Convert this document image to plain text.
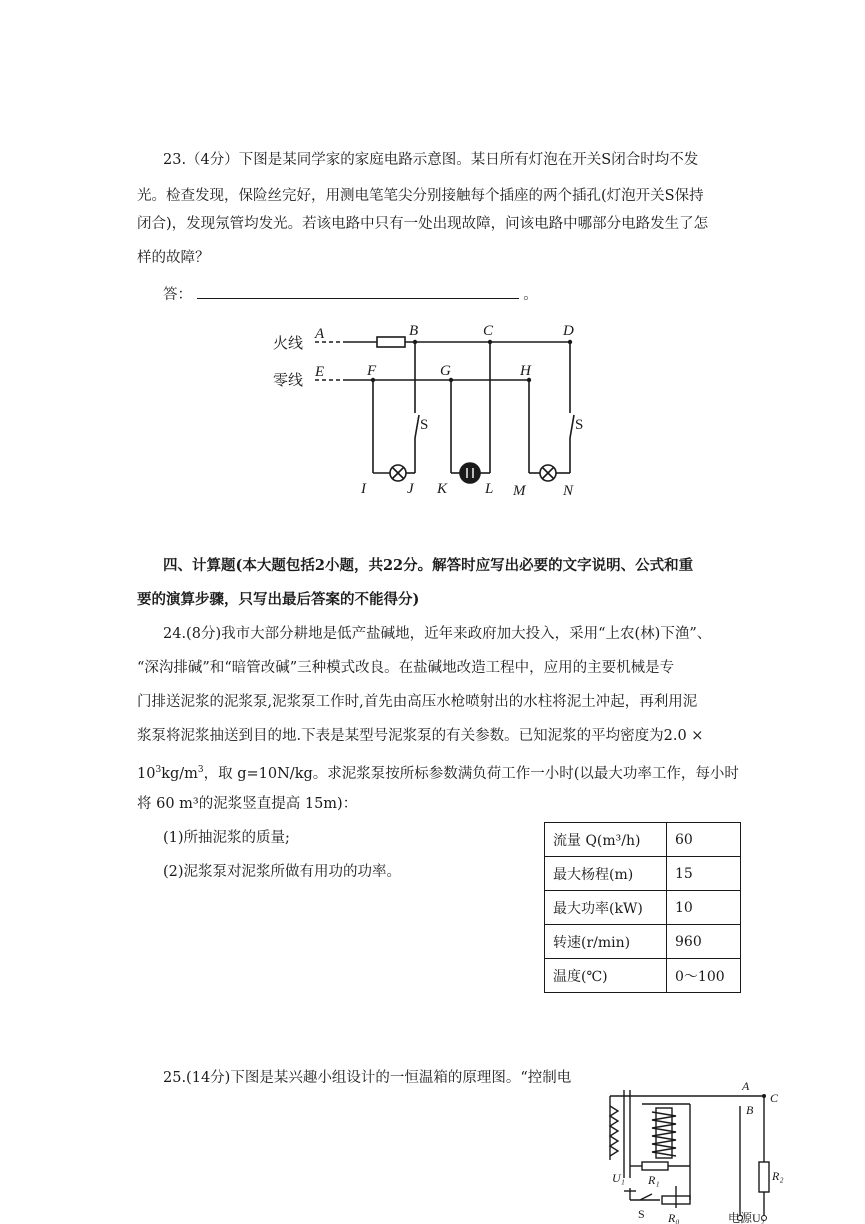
23.（4分）下图是某同学家的家庭电路示意图。某日所有灯泡在开关S闭合时均不发
光。检查发现，保险丝完好，用测电笔笔尖分别接触每个插座的两个插孔(灯泡开关S保持
闭合)，发现氖管均发光。若该电路中只有一处出现故障，问该电路中哪部分电路发生了怎
样的故障？
答：	。
火线
零线
A	B	C	D
E	F	G	H
I	J K	L M	N
S	S
四、计算题(本大题包括2小题，共22分。解答时应写出必要的文字说明、公式和重
要的演算步骤，只写出最后答案的不能得分)
24.(8分)我市大部分耕地是低产盐碱地，近年来政府加大投入，采用“上农(林)下渔”、
“深沟排碱”和“暗管改碱”三种模式改良。在盐碱地改造工程中，应用的主要机械是专
门排送泥浆的泥浆泵,泥浆泵工作时,首先由高压水枪喷射出的水柱将泥土冲起，再利用泥
浆泵将泥浆抽送到目的地.下表是某型号泥浆泵的有关参数。已知泥浆的平均密度为2.0 ×
$10^3kg/m^3$，取 g=10N/kg。求泥浆泵按所标参数满负荷工作一小时(以最大功率工作，每小时
将 60 m³的泥浆竖直提高 15m)：
(1)所抽泥浆的质量;
(2)泥浆泵对泥浆所做有用功的功率。
流量 Q(m³/h)	60
最大杨程(m)	15
最大功率(kW)	10
转速(r/min)	960
温度(℃)	0～100
25.(14分)下图是某兴趣小组设计的一恒温箱的原理图。“控制电	A
C
B
R₂
U₁ R₁
S R₀	电源U₂
